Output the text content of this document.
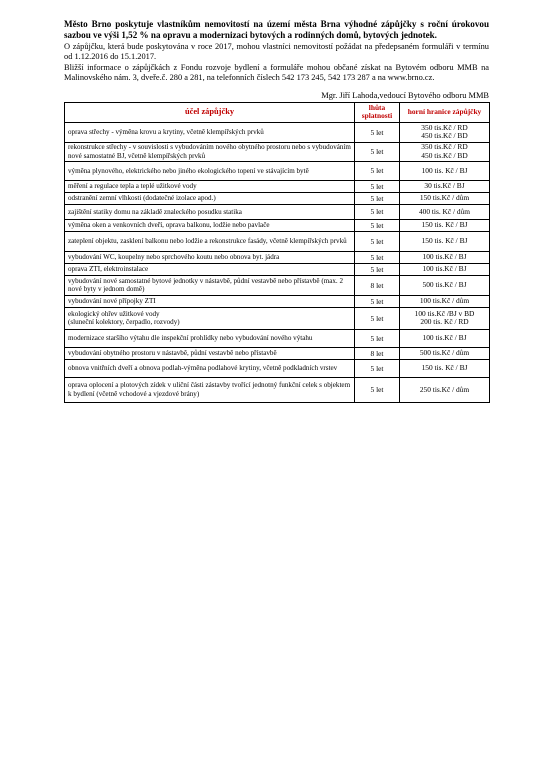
Město Brno poskytuje vlastníkům nemovitostí na území města Brna výhodné zápůjčky s roční úrokovou sazbou ve výši 1,52 % na opravu a modernizaci bytových a rodinných domů, bytových jednotek.

O zápůjčku, která bude poskytována v roce 2017, mohou vlastníci nemovitostí požádat na předepsaném formuláři v termínu od 1.12.2016 do 15.1.2017.

Bližší informace o zápůjčkách z Fondu rozvoje bydlení a formuláře mohou občané získat na Bytovém odboru MMB na Malinovského nám. 3, dveře.č. 280 a 281, na telefonních číslech 542 173 245, 542 173 287 a na www.brno.cz.

Mgr. Jiří Lahoda,vedoucí Bytového odboru MMB

účel zápůjčky	lhůta splatnosti	horní hranice zápůjčky
oprava střechy - výměna krovu a krytiny, včetně klempířských prvků	5 let	350 tis.Kč / RD
450 tis.Kč / BD
rekonstrukce střechy - v souvislosti s vybudováním nového obytného prostoru nebo s vybudováním nové samostatné BJ, včetně klempířských prvků	5 let	350 tis.Kč / RD
450 tis.Kč / BD
výměna plynového, elektrického nebo jiného ekologického topení ve stávajícím bytě	5 let	100 tis. Kč / BJ
měření a regulace tepla a teplé užitkové vody	5 let	30 tis.Kč / BJ
odstranění zemní vlhkosti (dodatečné izolace apod.)	5 let	150 tis.Kč / dům
zajištění statiky domu na základě znaleckého posudku statika	5 let	400 tis. Kč / dům
výměna oken a venkovních dveří, oprava balkonu, lodžie nebo pavlače	5 let	150 tis. Kč / BJ
zateplení objektu, zasklení balkonu nebo lodžie a rekonstrukce fasády, včetně klempířských prvků	5 let	150 tis. Kč / BJ
vybudování WC, koupelny nebo sprchového koutu nebo obnova byt. jádra	5 let	100 tis.Kč / BJ
oprava ZTI, elektroinstalace	5 let	100 tis.Kč / BJ
vybudování nové samostatné bytové jednotky v nástavbě, půdní vestavbě nebo přístavbě (max. 2 nové byty v jednom domě)	8 let	500 tis.Kč / BJ
vybudování nové přípojky ZTI	5 let	100 tis.Kč / dům
ekologický ohřev užitkové vody
(sluneční kolektory, čerpadlo, rozvody)	5 let	100 tis.Kč /BJ v BD
200 tis. Kč / RD
modernizace staršího výtahu dle inspekční prohlídky nebo vybudování nového výtahu	5 let	100 tis.Kč / BJ
vybudování obytného prostoru v nástavbě, půdní vestavbě nebo přístavbě	8 let	500 tis.Kč / dům
obnova vnitřních dveří a obnova podlah-výměna podlahové krytiny, včetně podkladních vrstev	5 let	150 tis. Kč / BJ
oprava oplocení a plotových zídek v uliční části zástavby tvořící jednotný funkční celek s objektem k bydlení (včetně vchodové a vjezdové brány)	5 let	250 tis.Kč / dům
